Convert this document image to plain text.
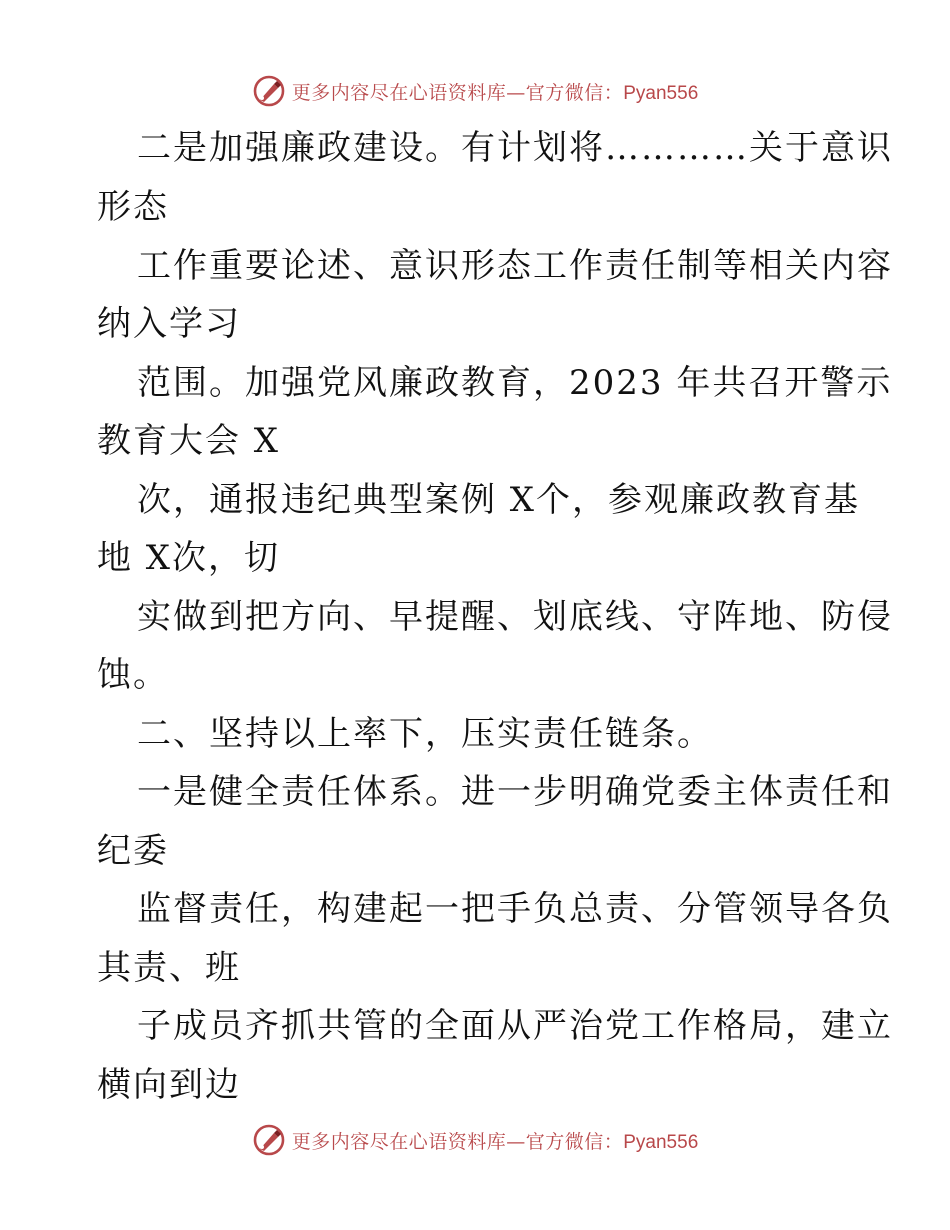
更多内容尽在心语资料库—官方微信：Pyan556
二是加强廉政建设。有计划将…………关于意识
形态
工作重要论述、意识形态工作责任制等相关内容
纳入学习
范围。加强党风廉政教育，2023 年共召开警示
教育大会 X
次，通报违纪典型案例 X个，参观廉政教育基
地 X次，切
实做到把方向、早提醒、划底线、守阵地、防侵
蚀。
二、坚持以上率下，压实责任链条。
一是健全责任体系。进一步明确党委主体责任和
纪委
监督责任，构建起一把手负总责、分管领导各负
其责、班
子成员齐抓共管的全面从严治党工作格局，建立
横向到边
更多内容尽在心语资料库—官方微信：Pyan556
